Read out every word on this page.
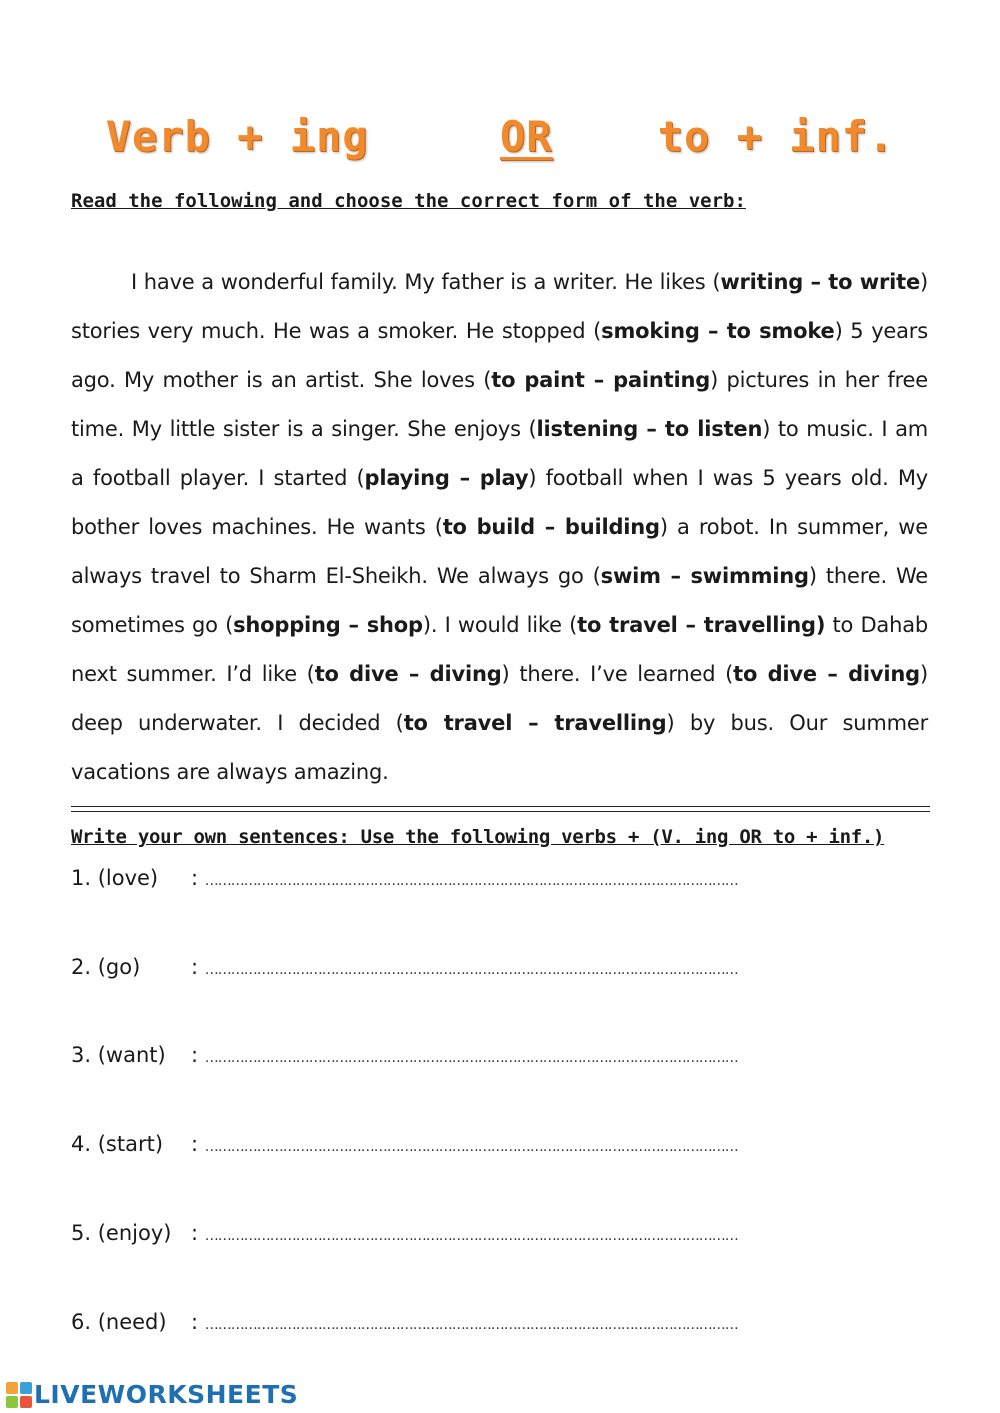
Verb + ing	OR	to + inf.
Read the following and choose the correct form of the verb:

I have a wonderful family. My father is a writer. He likes (writing – to write) stories very much. He was a smoker. He stopped (smoking – to smoke) 5 years ago. My mother is an artist. She loves (to paint – painting) pictures in her free time. My little sister is a singer. She enjoys (listening – to listen) to music. I am a football player. I started (playing – play) football when I was 5 years old. My bother loves machines. He wants (to build – building) a robot. In summer, we always travel to Sharm El-Sheikh. We always go (swim – swimming) there. We sometimes go (shopping – shop). I would like (to travel – travelling) to Dahab next summer. I’d like (to dive – diving) there. I’ve learned (to dive – diving) deep underwater. I decided (to travel – travelling) by bus. Our summer vacations are always amazing.

Write your own sentences: Use the following verbs + (V. ing OR to + inf.)
1. (love) : ……………………………………………………………………………………………………………
2. (go) : ……………………………………………………………………………………………………………
3. (want) : ……………………………………………………………………………………………………………
4. (start) : ……………………………………………………………………………………………………………
5. (enjoy) : ……………………………………………………………………………………………………………
6. (need) : ……………………………………………………………………………………………………………
LIVEWORKSHEETS
